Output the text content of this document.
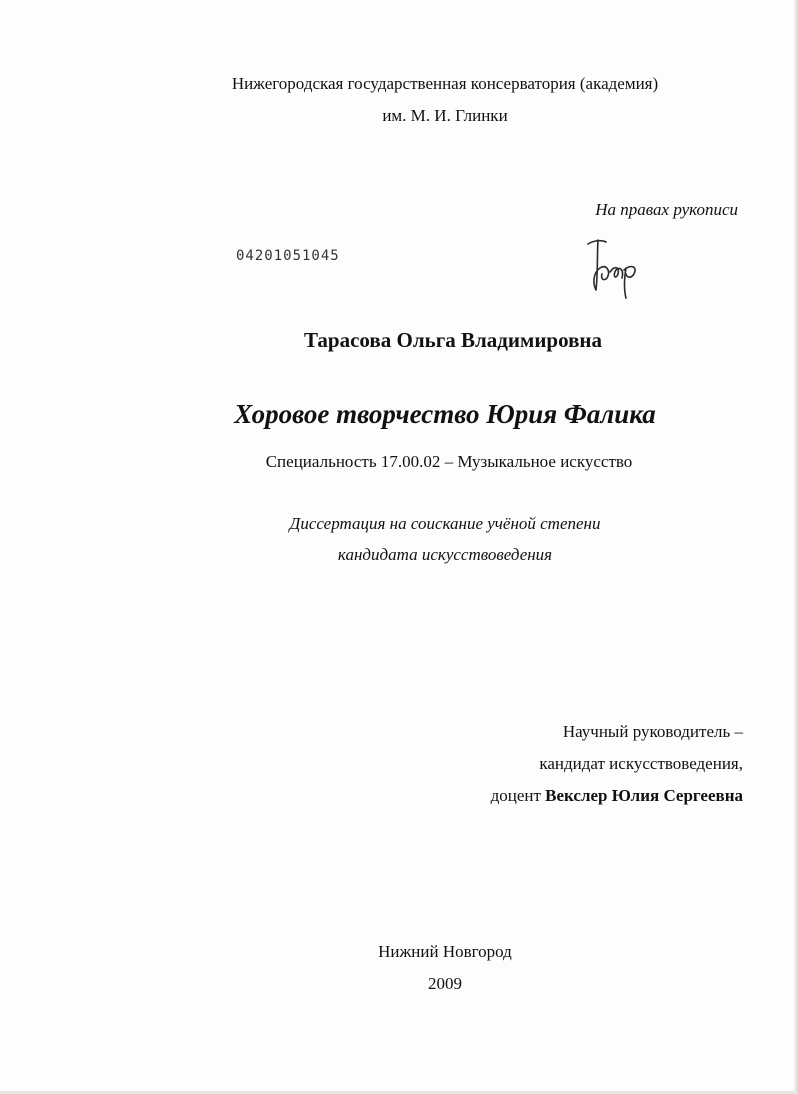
Нижегородская государственная консерватория (академия)
им. М. И. Глинки
На правах рукописи
04201051045
Тарасова Ольга Владимировна
Хоровое творчество Юрия Фалика
Специальность 17.00.02 – Музыкальное искусство
Диссертация на соискание учёной степени
кандидата искусствоведения
Научный руководитель –
кандидат искусствоведения,
доцент Векслер Юлия Сергеевна
Нижний Новгород
2009
